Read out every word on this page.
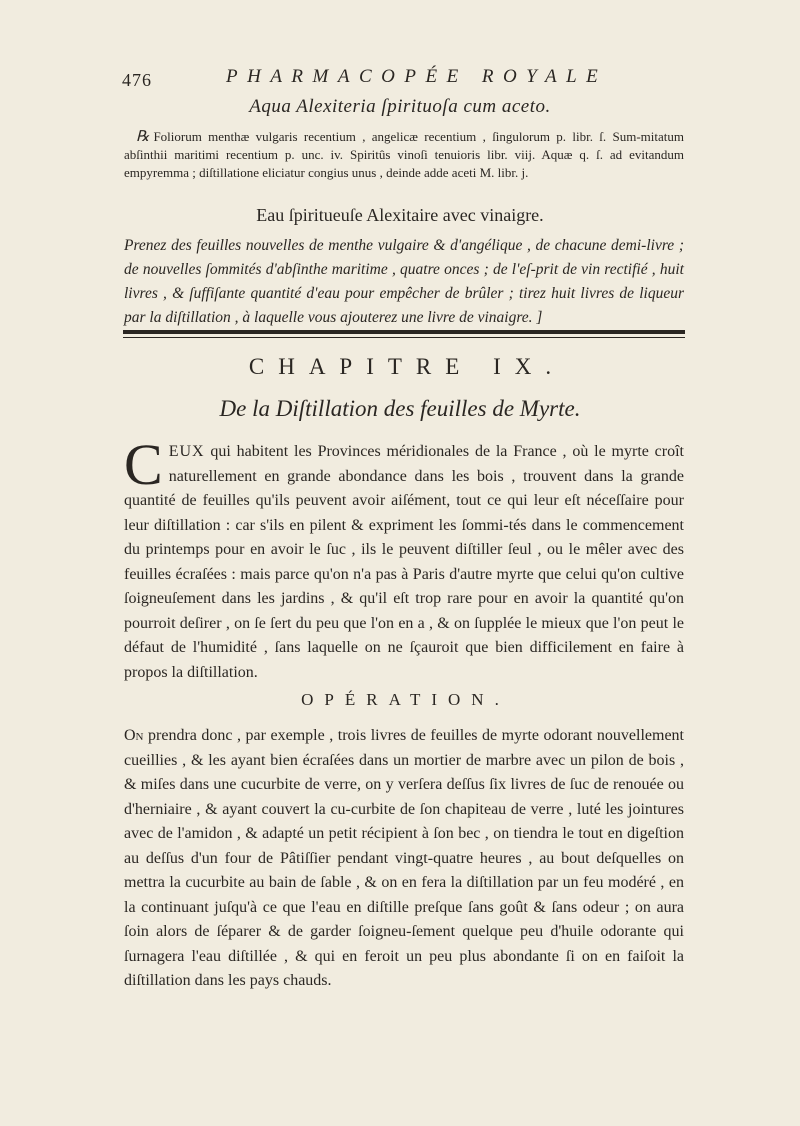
476	PHARMACOPÉE ROYALE
Aqua Alexiteria ſpirituoſa cum aceto.
℞ Foliorum menthæ vulgaris recentium , angelicæ recentium , ſingulorum p. libr. ſ. Sum-mitatum abſinthii maritimi recentium p. unc. iv. Spiritûs vinoſi tenuioris libr. viij. Aquæ q. ſ. ad evitandum empyremma ; diſtillatione eliciatur congius unus , deinde adde aceti M. libr. j.
Eau ſpiritueuſe Alexitaire avec vinaigre.
Prenez des feuilles nouvelles de menthe vulgaire & d'angélique , de chacune demi-livre ; de nouvelles ſommités d'abſinthe maritime , quatre onces ; de l'eſ-prit de vin rectifié , huit livres , & ſuffiſante quantité d'eau pour empêcher de brûler ; tirez huit livres de liqueur par la diſtillation , à laquelle vous ajouterez une livre de vinaigre. ]
CHAPITRE IX.
De la Diſtillation des feuilles de Myrte.
CEUX qui habitent les Provinces méridionales de la France , où le myrte croît naturellement en grande abondance dans les bois , trouvent dans la grande quantité de feuilles qu'ils peuvent avoir aiſément, tout ce qui leur eſt néceſſaire pour leur diſtillation : car s'ils en pilent & expriment les ſommi-tés dans le commencement du printemps pour en avoir le ſuc , ils le peuvent diſtiller ſeul , ou le mêler avec des feuilles écraſées : mais parce qu'on n'a pas à Paris d'autre myrte que celui qu'on cultive ſoigneuſement dans les jardins , & qu'il eſt trop rare pour en avoir la quantité qu'on pourroit deſirer , on ſe ſert du peu que l'on en a , & on ſupplée le mieux que l'on peut le défaut de l'humidité , ſans laquelle on ne ſçauroit que bien difficilement en faire à propos la diſtillation.
OPÉRATION.
On prendra donc , par exemple , trois livres de feuilles de myrte odorant nouvellement cueillies , & les ayant bien écraſées dans un mortier de marbre avec un pilon de bois , & miſes dans une cucurbite de verre, on y verſera deſſus ſix livres de ſuc de renouée ou d'herniaire , & ayant couvert la cu-curbite de ſon chapiteau de verre , luté les jointures avec de l'amidon , & adapté un petit récipient à ſon bec , on tiendra le tout en digeſtion au deſſus d'un four de Pâtiſſier pendant vingt-quatre heures , au bout deſquelles on mettra la cucurbite au bain de ſable , & on en fera la diſtillation par un feu modéré , en la continuant juſqu'à ce que l'eau en diſtille preſque ſans goût & ſans odeur ; on aura ſoin alors de ſéparer & de garder ſoigneu-ſement quelque peu d'huile odorante qui ſurnagera l'eau diſtillée , & qui en feroit un peu plus abondante ſi on en faiſoit la diſtillation dans les pays chauds.
